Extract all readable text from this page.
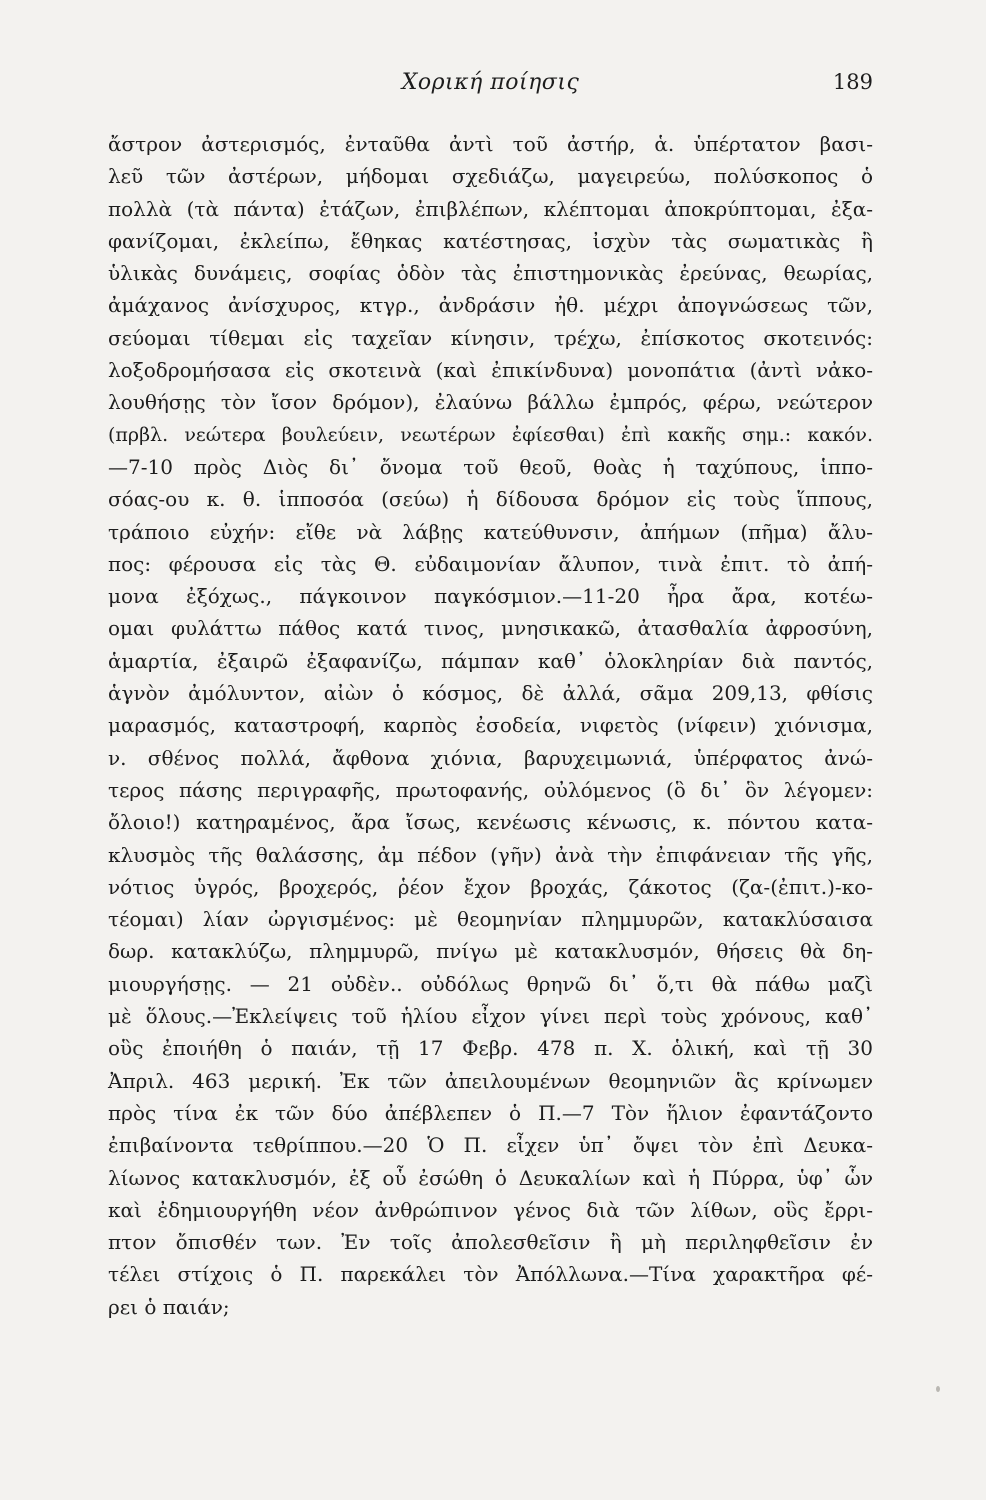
Χορική ποίησις	189
ἄστρον ἀστερισμός, ἐνταῦθα ἀντὶ τοῦ ἀστήρ, ἁ. ὑπέρτατον βασι-
λεῦ τῶν ἀστέρων, μήδομαι σχεδιάζω, μαγειρεύω, πολύσκοπος ὁ
πολλὰ (τὰ πάντα) ἐτάζων, ἐπιβλέπων, κλέπτομαι ἀποκρύπτομαι, ἐξα-
φανίζομαι, ἐκλείπω, ἔθηκας κατέστησας, ἰσχὺν τὰς σωματικὰς ἢ
ὑλικὰς δυνάμεις, σοφίας ὁδὸν τὰς ἐπιστημονικὰς ἐρεύνας, θεωρίας,
ἀμάχανος ἀνίσχυρος, κτγρ., ἀνδράσιν ἠθ. μέχρι ἀπογνώσεως τῶν,
σεύομαι τίθεμαι εἰς ταχεῖαν κίνησιν, τρέχω, ἐπίσκοτος σκοτεινός:
λοξοδρομήσασα εἰς σκοτεινὰ (καὶ ἐπικίνδυνα) μονοπάτια (ἀντὶ νἀκο-
λουθήσῃς τὸν ἴσον δρόμον), ἐλαύνω βάλλω ἐμπρός, φέρω, νεώτερον
(πρβλ. νεώτερα βουλεύειν, νεωτέρων ἐφίεσθαι) ἐπὶ κακῆς σημ.: κακόν.
—7-10 πρὸς Διὸς δι᾽ ὄνομα τοῦ θεοῦ, θοὰς ἡ ταχύπους, ἱππο-
σόας-ου κ. θ. ἱπποσόα (σεύω) ἡ δίδουσα δρόμον εἰς τοὺς ἵππους,
τράποιο εὐχήν: εἴθε νὰ λάβῃς κατεύθυνσιν, ἀπήμων (πῆμα) ἄλυ-
πος: φέρουσα εἰς τὰς Θ. εὐδαιμονίαν ἄλυπον, τινὰ ἐπιτ. τὸ ἀπή-
μονα ἐξόχως., πάγκοινον παγκόσμιον.—11-20 ἦρα ἄρα, κοτέω-
ομαι φυλάττω πάθος κατά τινος, μνησικακῶ, ἀτασθαλία ἀφροσύνη,
ἁμαρτία, ἐξαιρῶ ἐξαφανίζω, πάμπαν καθ᾽ ὁλοκληρίαν διὰ παντός,
ἁγνὸν ἀμόλυντον, αἰὼν ὁ κόσμος, δὲ ἀλλά, σᾶμα 209,13, φθίσις
μαρασμός, καταστροφή, καρπὸς ἐσοδεία, νιφετὸς (νίφειν) χιόνισμα,
ν. σθένος πολλά, ἄφθονα χιόνια, βαρυχειμωνιά, ὑπέρφατος ἀνώ-
τερος πάσης περιγραφῆς, πρωτοφανής, οὐλόμενος (ὃ δι᾽ ὃν λέγομεν:
ὄλοιο!) κατηραμένος, ἄρα ἴσως, κενέωσις κένωσις, κ. πόντου κατα-
κλυσμὸς τῆς θαλάσσης, ἀμ πέδον (γῆν) ἀνὰ τὴν ἐπιφάνειαν τῆς γῆς,
νότιος ὑγρός, βροχερός, ῥέον ἔχον βροχάς, ζάκοτος (ζα-(ἐπιτ.)-κο-
τέομαι) λίαν ὠργισμένος: μὲ θεομηνίαν πλημμυρῶν, κατακλύσαισα
δωρ. κατακλύζω, πλημμυρῶ, πνίγω μὲ κατακλυσμόν, θήσεις θὰ δη-
μιουργήσῃς. — 21 οὐδὲν.. οὐδόλως θρηνῶ δι᾽ ὅ,τι θὰ πάθω μαζὶ
μὲ ὅλους.—Ἐκλείψεις τοῦ ἡλίου εἶχον γίνει περὶ τοὺς χρόνους, καθ᾽
οὓς ἐποιήθη ὁ παιάν, τῇ 17 Φεβρ. 478 π. Χ. ὁλική, καὶ τῇ 30
Ἀπριλ. 463 μερική. Ἐκ τῶν ἀπειλουμένων θεομηνιῶν ἃς κρίνωμεν
πρὸς τίνα ἐκ τῶν δύο ἀπέβλεπεν ὁ Π.—7 Τὸν ἥλιον ἐφαντάζοντο
ἐπιβαίνοντα τεθρίππου.—20 Ὁ Π. εἶχεν ὑπ᾽ ὄψει τὸν ἐπὶ Δευκα-
λίωνος κατακλυσμόν, ἐξ οὗ ἐσώθη ὁ Δευκαλίων καὶ ἡ Πύρρα, ὑφ᾽ ὧν
καὶ ἐδημιουργήθη νέον ἀνθρώπινον γένος διὰ τῶν λίθων, οὓς ἔρρι-
πτον ὄπισθέν των. Ἐν τοῖς ἀπολεσθεῖσιν ἢ μὴ περιληφθεῖσιν ἐν
τέλει στίχοις ὁ Π. παρεκάλει τὸν Ἀπόλλωνα.—Τίνα χαρακτῆρα φέ-
ρει ὁ παιάν;
